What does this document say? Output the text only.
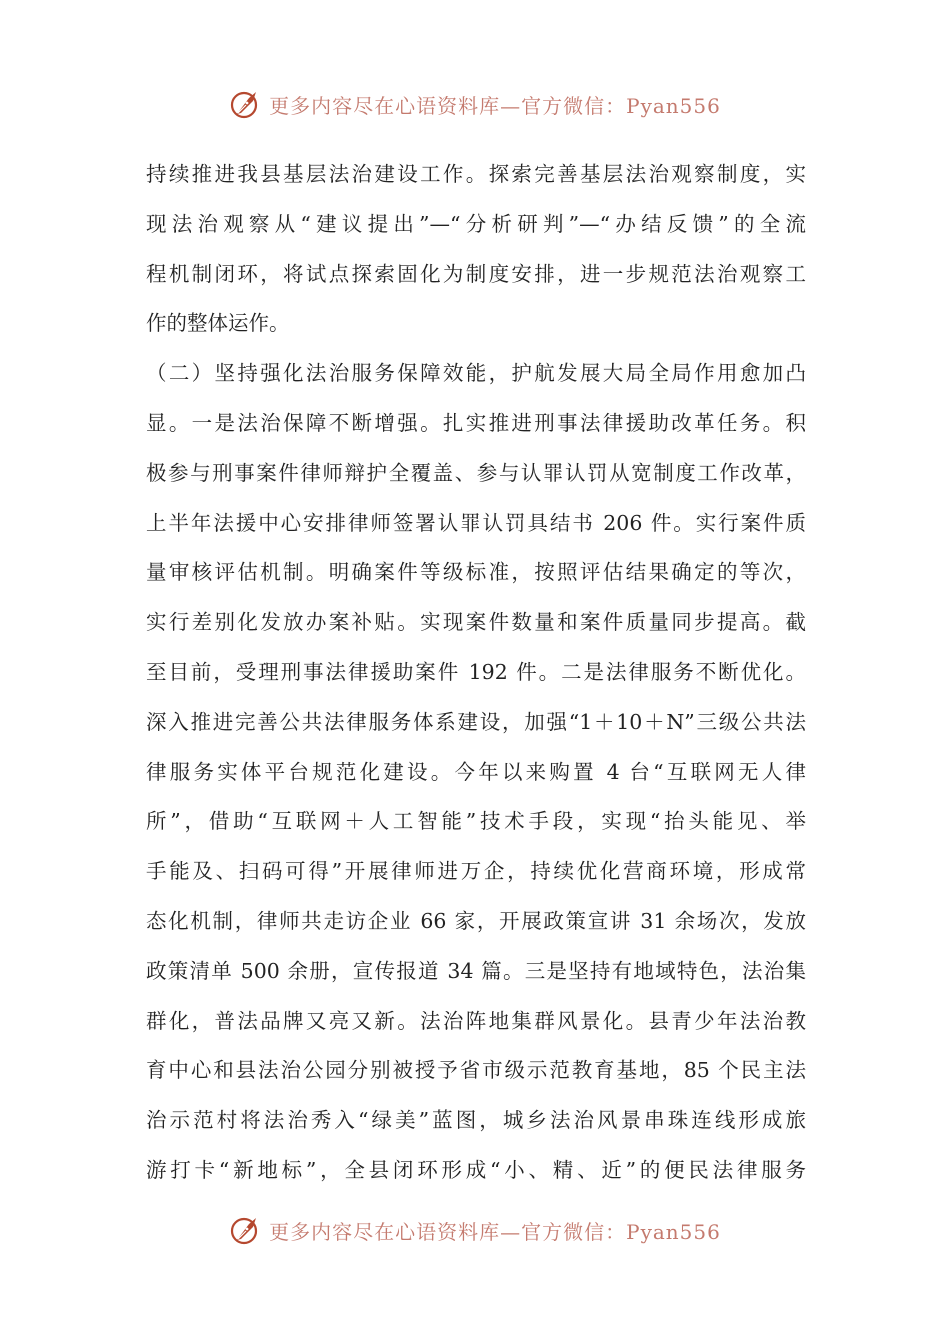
更多内容尽在心语资料库—官方微信：Pyan556
持续推进我县基层法治建设工作。探索完善基层法治观察制度，实
现法治观察从“建议提出”—“分析研判”—“办结反馈”的全流
程机制闭环，将试点探索固化为制度安排，进一步规范法治观察工
作的整体运作。
（二）坚持强化法治服务保障效能，护航发展大局全局作用愈加凸
显。一是法治保障不断增强。扎实推进刑事法律援助改革任务。积
极参与刑事案件律师辩护全覆盖、参与认罪认罚从宽制度工作改革，
上半年法援中心安排律师签署认罪认罚具结书 206 件。实行案件质
量审核评估机制。明确案件等级标准，按照评估结果确定的等次，
实行差别化发放办案补贴。实现案件数量和案件质量同步提高。截
至目前，受理刑事法律援助案件 192 件。二是法律服务不断优化。
深入推进完善公共法律服务体系建设，加强“1＋10＋N”三级公共法
律服务实体平台规范化建设。今年以来购置 4 台“互联网无人律
所”，借助“互联网＋人工智能”技术手段，实现“抬头能见、举
手能及、扫码可得”开展律师进万企，持续优化营商环境，形成常
态化机制，律师共走访企业 66 家，开展政策宣讲 31 余场次，发放
政策清单 500 余册，宣传报道 34 篇。三是坚持有地域特色，法治集
群化，普法品牌又亮又新。法治阵地集群风景化。县青少年法治教
育中心和县法治公园分别被授予省市级示范教育基地，85 个民主法
治示范村将法治秀入“绿美”蓝图，城乡法治风景串珠连线形成旅
游打卡“新地标”，全县闭环形成“小、精、近”的便民法律服务
更多内容尽在心语资料库—官方微信：Pyan556
